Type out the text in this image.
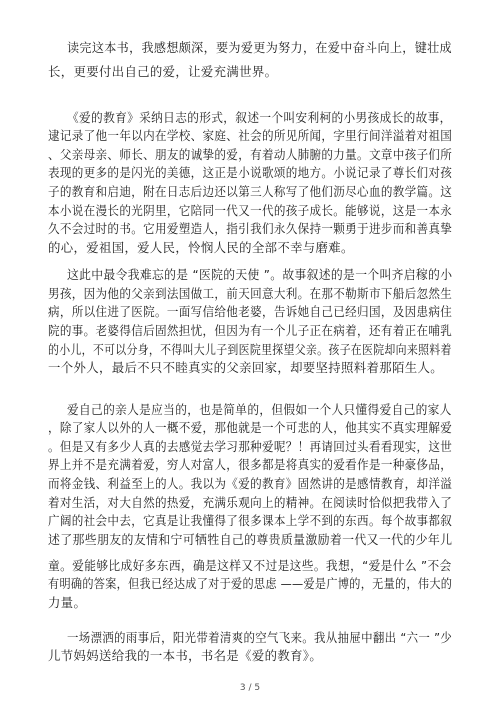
读完这本书，我感想颇深，要为爱更为努力，在爱中奋斗向上，键壮成
长，更要付出自己的爱，让爱充满世界。
《爱的教育》采纳日志的形式，叙述一个叫安利柯的小男孩成长的故事，
逮记录了他一年以内在学校、家庭、社会的所见所闻，字里行间洋溢着对祖国
、父亲母亲、师长、朋友的诚挚的爱，有着动人肺腑的力量。文章中孩子们所
表现的更多的是闪光的美德，这正是小说歌颂的地方。小说记录了尊长们对孩
子的教育和启迪，附在日志后边还以第三人称写了他们沥尽心血的教学篇。这
本小说在漫长的光阴里，它陪同一代又一代的孩子成长。能够说，这是一本永
久不会过时的书。它用爱塑造人，指引我们永久保持一颗勇于进步而和善真挚
的心，爱祖国，爱人民，怜悯人民的全部不幸与磨难。
这此中最令我难忘的是 “医院的天使 ”。故事叙述的是一个叫齐启稼的小
男孩，因为他的父亲到法国做工，前天回意大利。在那不勒斯市下船后忽然生
病，所以住进了医院。一面写信给他老婆，告诉她自己已经归国，及因患病住
院的事。老婆得信后固然担忧，但因为有一个儿子正在病着，还有着正在哺乳
的小儿，不可以分身，不得叫大儿子到医院里探望父亲。孩子在医院却向来照料着
一个外人，最后不只不睦真实的父亲回家，却要坚持照料着那陌生人。
爱自己的亲人是应当的，也是简单的，但假如一个人只懂得爱自己的家人
，除了家人以外的人一概不爱，那他就是一个可悲的人，他其实不真实理解爱
。但是又有多少人真的去感觉去学习那种爱呢？！再请回过头看看现实，这世
界上并不是充满着爱，穷人对富人，很多都是将真实的爱看作是一种豪侈品，
而将金钱、利益至上的人。我以为《爱的教育》固然讲的是感情教育，却洋溢
着对生活，对大自然的热爱，充满乐观向上的精神。在阅读时恰似把我带入了
广阔的社会中去，它真是让我懂得了很多课本上学不到的东西。每个故事都叙
述了那些朋友的友情和宁可牺牲自己的尊贵质量激励着一代又一代的少年儿
童。爱能够比成好多东西，确是这样又不过是这些。我想，“爱是什么 ”不会
有明确的答案，但我已经达成了对于爱的思虑 ——爱是广博的，无量的，伟大的
力量。
一场漂洒的雨事后，阳光带着清爽的空气飞来。我从抽屉中翻出 “六一 ”少
儿节妈妈送给我的一本书，书名是《爱的教育》。
3 / 5
